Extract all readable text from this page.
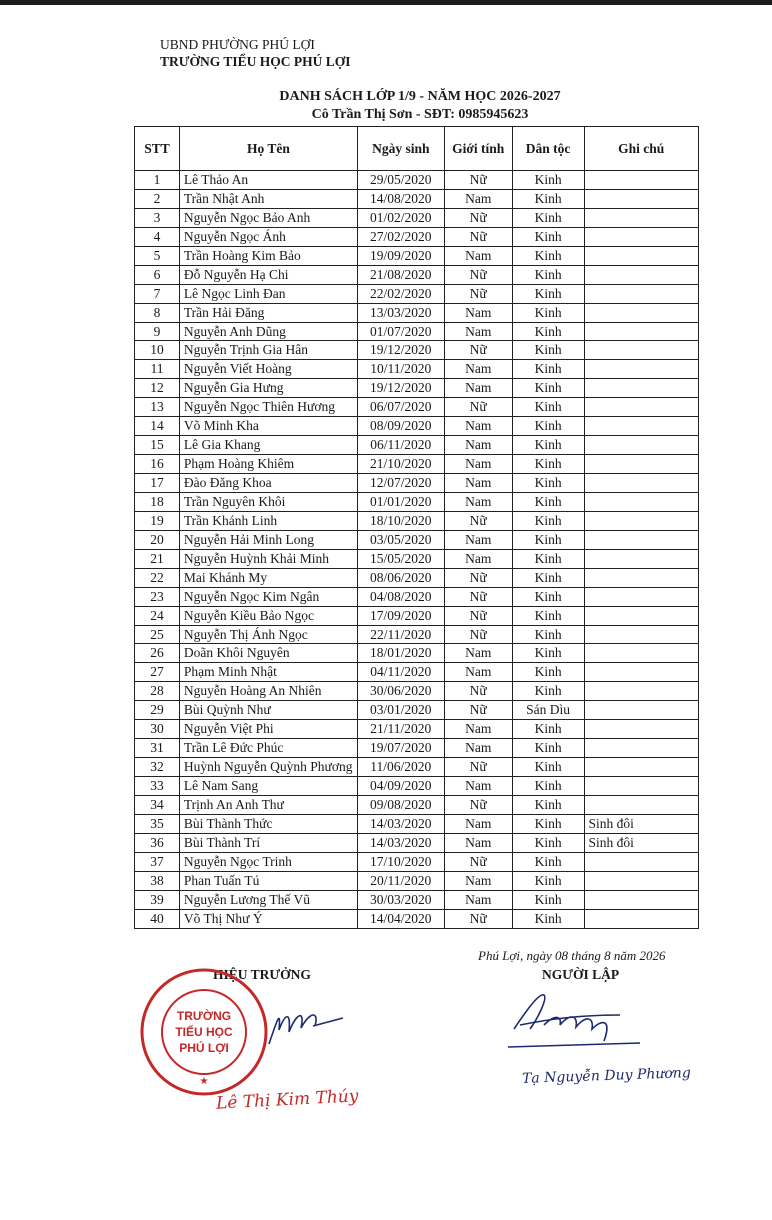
UBND PHƯỜNG PHÚ LỢI
TRƯỜNG TIỂU HỌC PHÚ LỢI
DANH SÁCH LỚP 1/9 - NĂM HỌC 2026-2027
Cô Trần Thị Sơn - SĐT: 0985945623
STT	Họ Tên	Ngày sinh	Giới tính	Dân tộc	Ghi chú
1	Lê Thảo An	29/05/2020	Nữ	Kinh	
2	Trần Nhật Anh	14/08/2020	Nam	Kinh	
3	Nguyễn Ngọc Bảo Anh	01/02/2020	Nữ	Kinh	
4	Nguyễn Ngọc Ánh	27/02/2020	Nữ	Kinh	
5	Trần Hoàng Kim Bảo	19/09/2020	Nam	Kinh	
6	Đỗ Nguyễn Hạ Chi	21/08/2020	Nữ	Kinh	
7	Lê Ngọc Linh Đan	22/02/2020	Nữ	Kinh	
8	Trần Hải Đăng	13/03/2020	Nam	Kinh	
9	Nguyễn Anh Dũng	01/07/2020	Nam	Kinh	
10	Nguyễn Trịnh Gia Hân	19/12/2020	Nữ	Kinh	
11	Nguyễn Viết Hoàng	10/11/2020	Nam	Kinh	
12	Nguyễn Gia Hưng	19/12/2020	Nam	Kinh	
13	Nguyễn Ngọc Thiên Hương	06/07/2020	Nữ	Kinh	
14	Võ Minh Kha	08/09/2020	Nam	Kinh	
15	Lê Gia Khang	06/11/2020	Nam	Kinh	
16	Phạm Hoàng Khiêm	21/10/2020	Nam	Kinh	
17	Đào Đăng Khoa	12/07/2020	Nam	Kinh	
18	Trần Nguyên Khôi	01/01/2020	Nam	Kinh	
19	Trần Khánh Linh	18/10/2020	Nữ	Kinh	
20	Nguyễn Hải Minh Long	03/05/2020	Nam	Kinh	
21	Nguyễn Huỳnh Khải Minh	15/05/2020	Nam	Kinh	
22	Mai Khánh My	08/06/2020	Nữ	Kinh	
23	Nguyễn Ngọc Kim Ngân	04/08/2020	Nữ	Kinh	
24	Nguyễn Kiều Bảo Ngọc	17/09/2020	Nữ	Kinh	
25	Nguyễn Thị Ánh Ngọc	22/11/2020	Nữ	Kinh	
26	Doãn Khôi Nguyên	18/01/2020	Nam	Kinh	
27	Phạm Minh Nhật	04/11/2020	Nam	Kinh	
28	Nguyễn Hoàng An Nhiên	30/06/2020	Nữ	Kinh	
29	Bùi Quỳnh Như	03/01/2020	Nữ	Sán Dìu	
30	Nguyễn Việt Phi	21/11/2020	Nam	Kinh	
31	Trần Lê Đức Phúc	19/07/2020	Nam	Kinh	
32	Huỳnh Nguyễn Quỳnh Phương	11/06/2020	Nữ	Kinh	
33	Lê Nam Sang	04/09/2020	Nam	Kinh	
34	Trịnh An Anh Thư	09/08/2020	Nữ	Kinh	
35	Bùi Thành Thức	14/03/2020	Nam	Kinh	Sinh đôi
36	Bùi Thành Trí	14/03/2020	Nam	Kinh	Sinh đôi
37	Nguyễn Ngọc Trinh	17/10/2020	Nữ	Kinh	
38	Phan Tuấn Tú	20/11/2020	Nam	Kinh	
39	Nguyễn Lương Thế Vũ	30/03/2020	Nam	Kinh	
40	Võ Thị Như Ý	14/04/2020	Nữ	Kinh	
Phú Lợi, ngày 08 tháng 8 năm 2026
NGƯỜI LẬP
HIỆU TRƯỞNG
TRƯỜNG
TIỂU HỌC
PHÚ LỢI
★
Lê Thị Kim Thúy
Tạ Nguyễn Duy Phương
